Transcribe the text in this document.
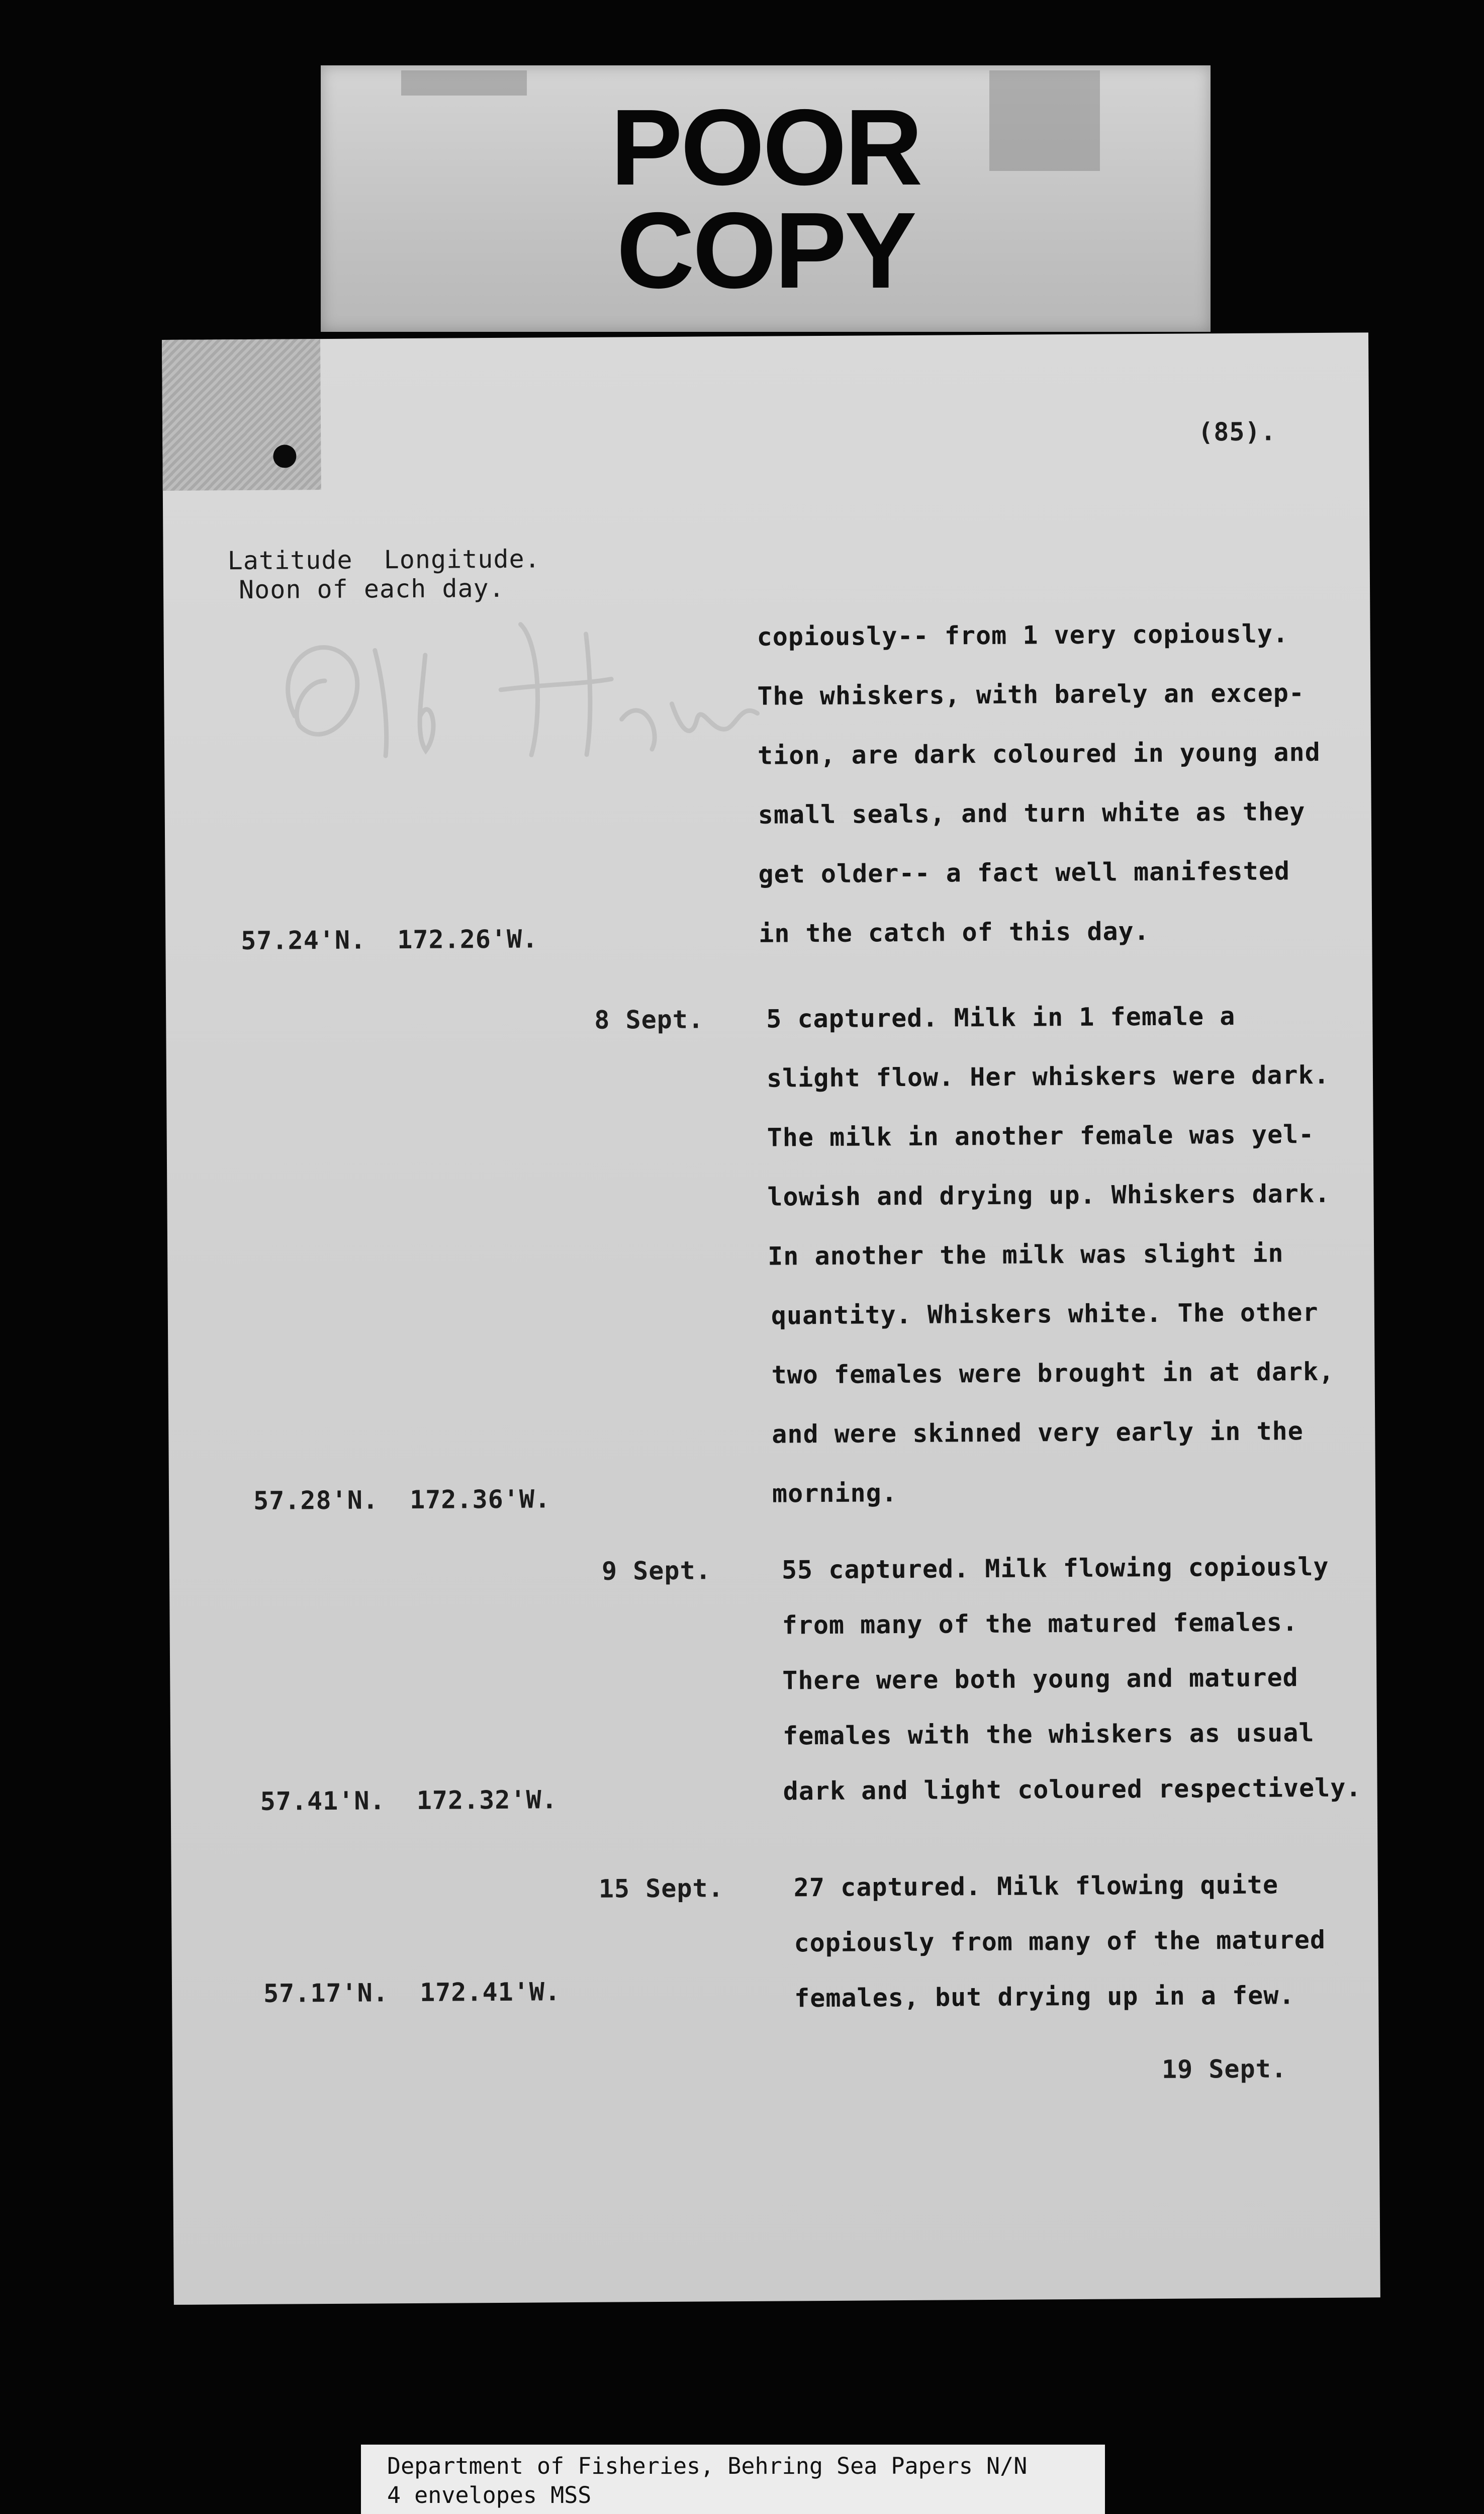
POOR
COPY
(85).
Latitude  Longitude.
Noon of each day.
57.24'N.  172.26'W.
57.28'N.  172.36'W.
57.41'N.  172.32'W.
57.17'N.  172.41'W.
8 Sept.
9 Sept.
15 Sept.
copiously-- from 1 very copiously.
The whiskers, with barely an excep-
tion, are dark coloured in young and
small seals, and turn white as they
get older-- a fact well manifested
in the catch of this day.
5 captured. Milk in 1 female a
slight flow. Her whiskers were dark.
The milk in another female was yel-
lowish and drying up. Whiskers dark.
In another the milk was slight in
quantity. Whiskers white. The other
two females were brought in at dark,
and were skinned very early in the
morning.
55 captured. Milk flowing copiously
from many of the matured females.
There were both young and matured
females with the whiskers as usual
dark and light coloured respectively.
27 captured. Milk flowing quite
copiously from many of the matured
females, but drying up in a few.
19 Sept.
Department of Fisheries, Behring Sea Papers N/N
4 envelopes MSS
